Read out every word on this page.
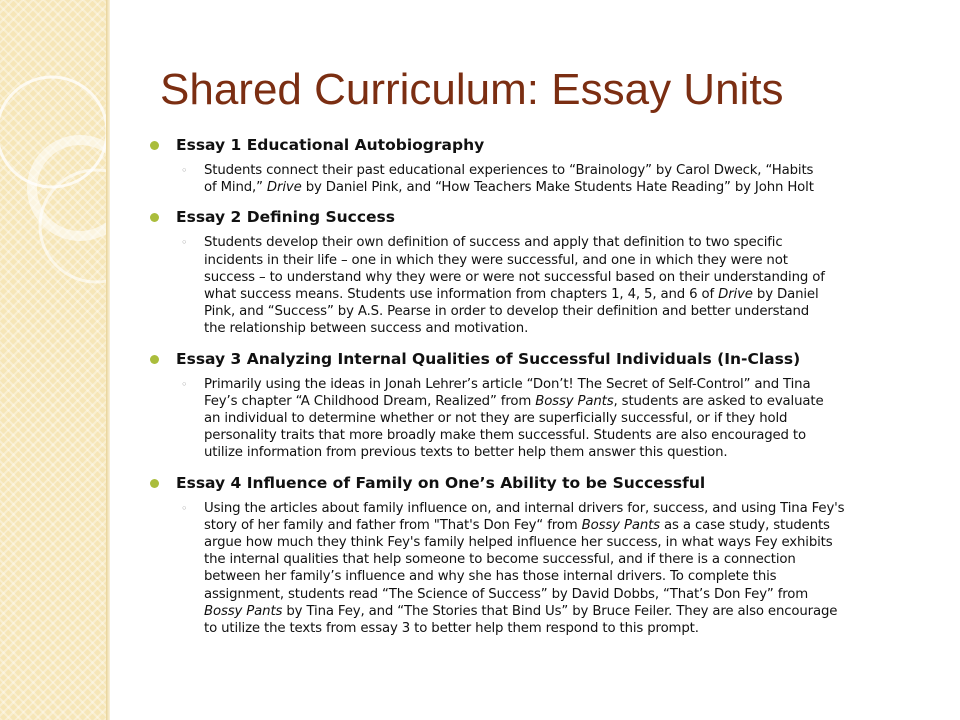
Shared Curriculum: Essay Units
Essay 1 Educational Autobiography
◦ Students connect their past educational experiences to “Brainology” by Carol Dweck, “Habits
of Mind,” Drive by Daniel Pink, and “How Teachers Make Students Hate Reading” by John Holt
Essay 2 Defining Success
◦ Students develop their own definition of success and apply that definition to two specific
incidents in their life – one in which they were successful, and one in which they were not
success – to understand why they were or were not successful based on their understanding of
what success means. Students use information from chapters 1, 4, 5, and 6 of Drive by Daniel
Pink, and “Success” by A.S. Pearse in order to develop their definition and better understand
the relationship between success and motivation.
Essay 3 Analyzing Internal Qualities of Successful Individuals (In-Class)
◦ Primarily using the ideas in Jonah Lehrer’s article “Don’t! The Secret of Self-Control” and Tina
Fey’s chapter “A Childhood Dream, Realized” from Bossy Pants, students are asked to evaluate
an individual to determine whether or not they are superficially successful, or if they hold
personality traits that more broadly make them successful. Students are also encouraged to
utilize information from previous texts to better help them answer this question.
Essay 4 Influence of Family on One’s Ability to be Successful
◦ Using the articles about family influence on, and internal drivers for, success, and using Tina Fey's
story of her family and father from "That's Don Fey“ from Bossy Pants as a case study, students
argue how much they think Fey's family helped influence her success, in what ways Fey exhibits
the internal qualities that help someone to become successful, and if there is a connection
between her family’s influence and why she has those internal drivers. To complete this
assignment, students read “The Science of Success” by David Dobbs, “That’s Don Fey” from
Bossy Pants by Tina Fey, and “The Stories that Bind Us” by Bruce Feiler. They are also encourage
to utilize the texts from essay 3 to better help them respond to this prompt.
